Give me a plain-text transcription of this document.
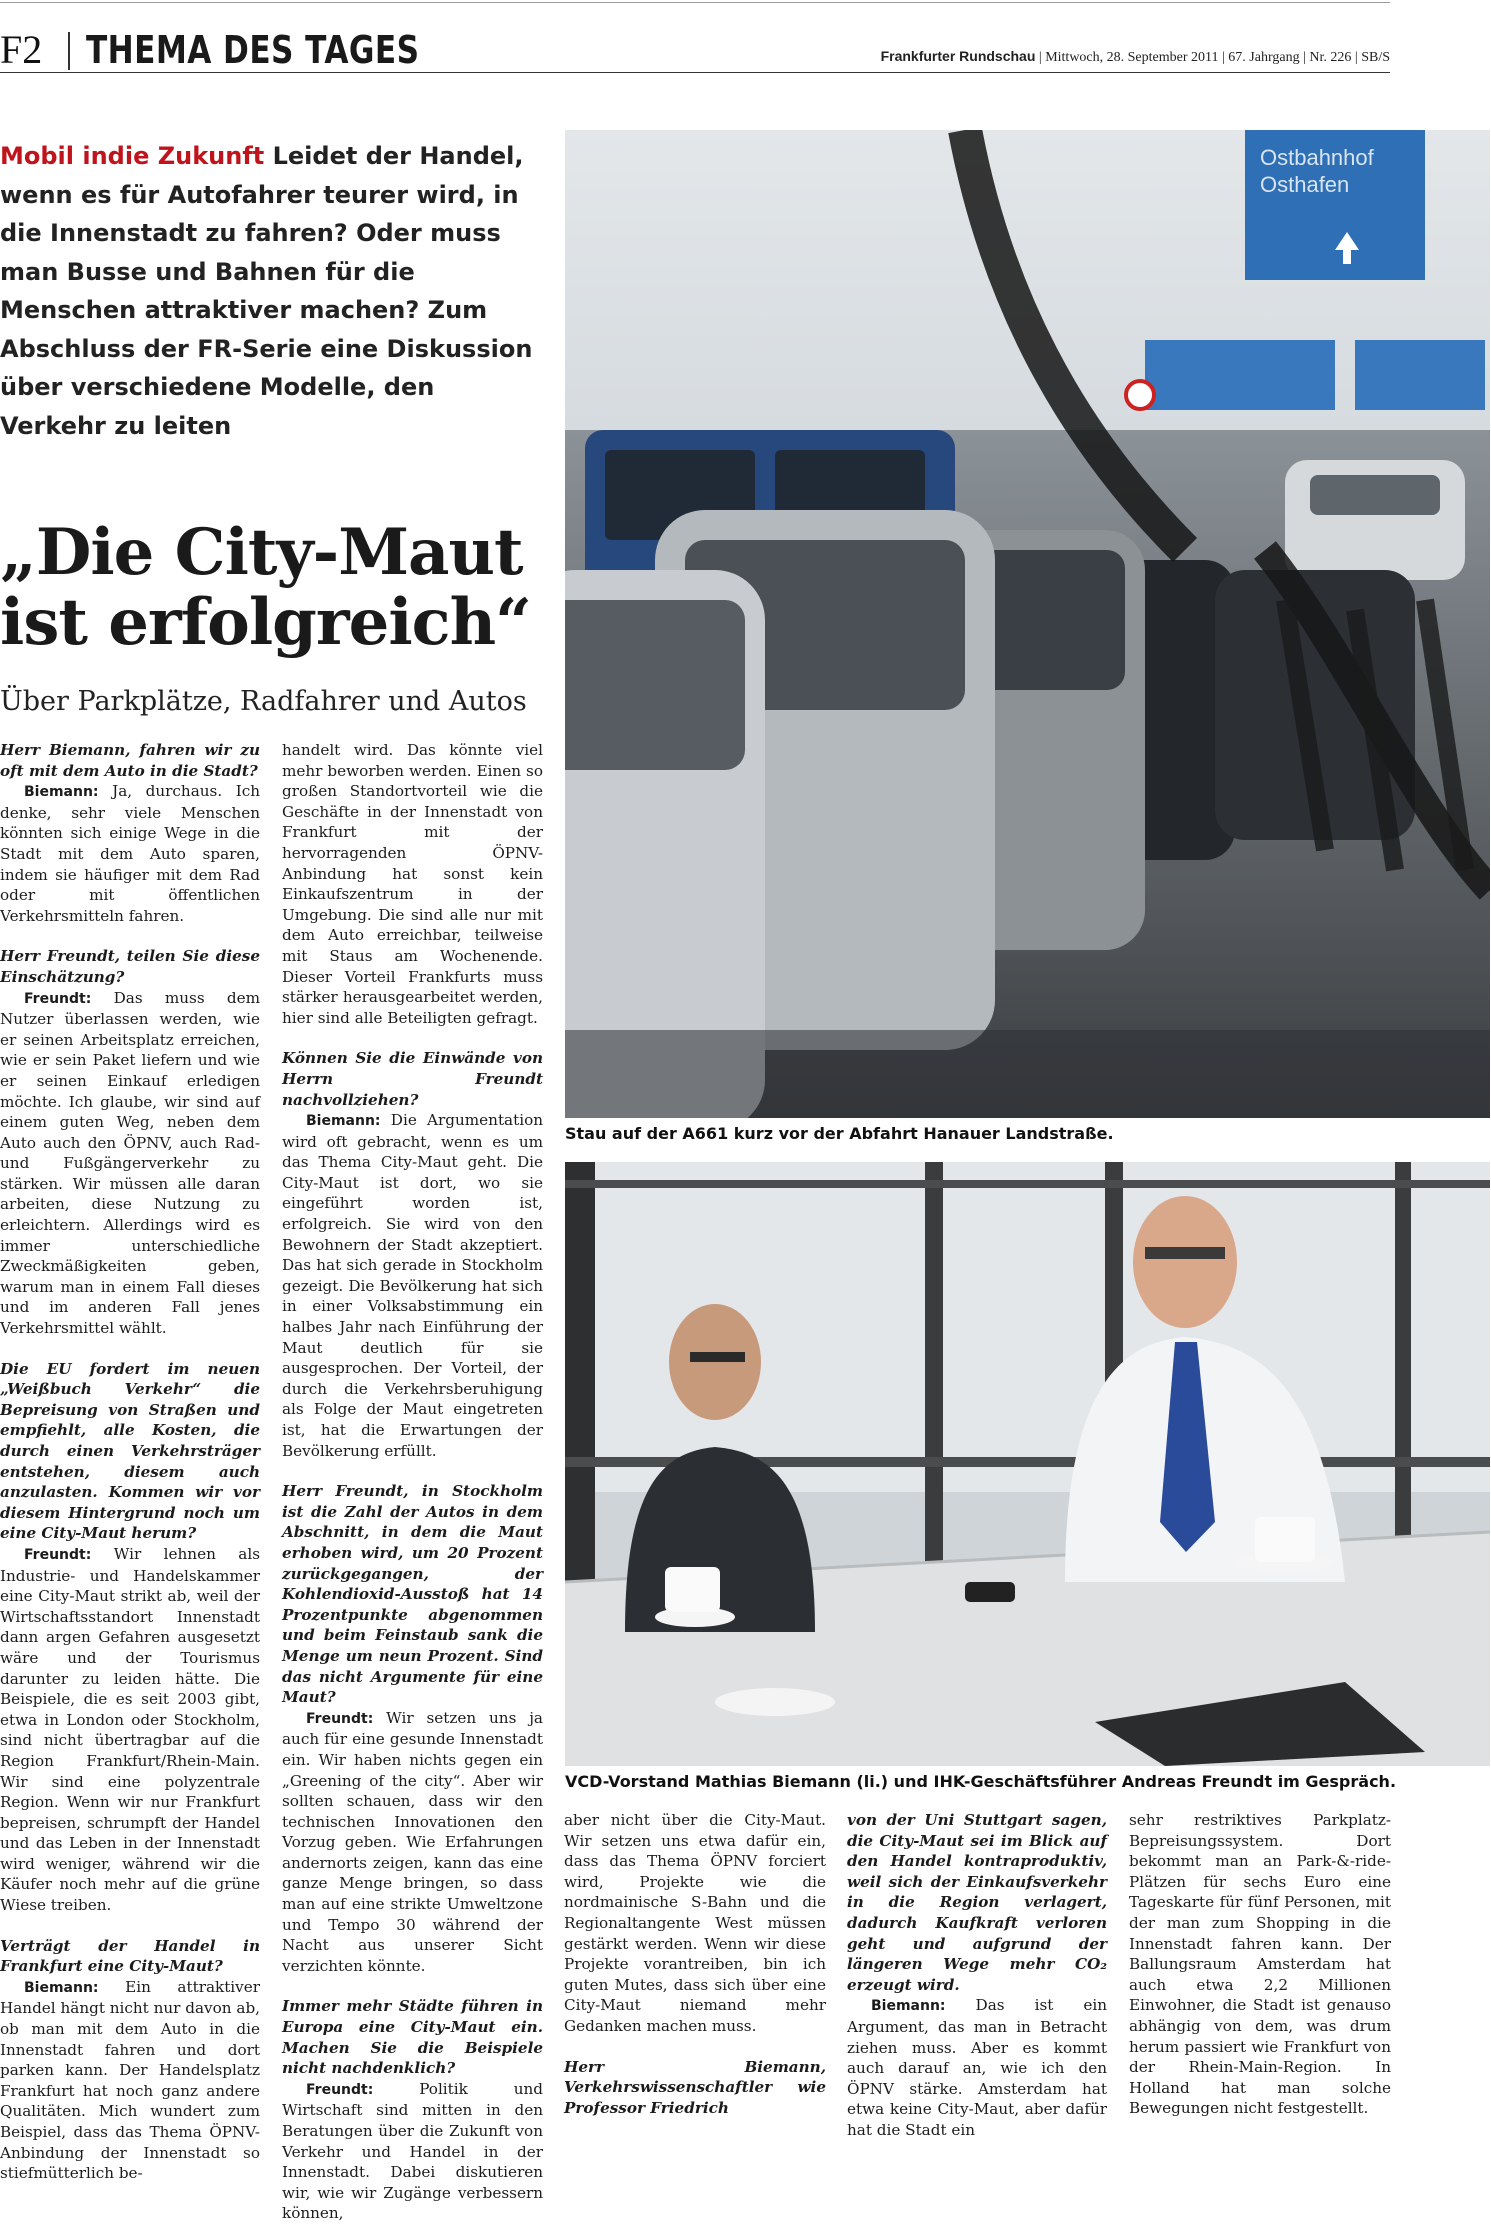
F2 THEMA DES TAGES	Frankfurter Rundschau | Mittwoch, 28. September 2011 | 67. Jahrgang | Nr. 226 | SB/S
Mobil indie Zukunft Leidet der Handel, wenn es für Autofahrer teurer wird, in die Innenstadt zu fahren? Oder muss man Busse und Bahnen für die Menschen attraktiver machen? Zum Abschluss der FR-Serie eine Diskussion über verschiedene Modelle, den Verkehr zu leiten
„Die City-Maut
ist erfolgreich“
Über Parkplätze, Radfahrer und Autos
Ostbahnhof
Osthafen
Stau auf der A661 kurz vor der Abfahrt Hanauer Landstraße.
VCD-Vorstand Mathias Biemann (li.) und IHK-Geschäftsführer Andreas Freundt im Gespräch.

Herr Biemann, fahren wir zu oft mit dem Auto in die Stadt?

Biemann: Ja, durchaus. Ich denke, sehr viele Menschen könnten sich einige Wege in die Stadt mit dem Auto sparen, indem sie häufiger mit dem Rad oder mit öffentlichen Verkehrsmitteln fahren.

Herr Freundt, teilen Sie diese Einschätzung?

Freundt: Das muss dem Nutzer überlassen werden, wie er seinen Arbeitsplatz erreichen, wie er sein Paket liefern und wie er seinen Einkauf erledigen möchte. Ich glaube, wir sind auf einem guten Weg, neben dem Auto auch den ÖPNV, auch Rad- und Fußgängerverkehr zu stärken. Wir müssen alle daran arbeiten, diese Nutzung zu erleichtern. Allerdings wird es immer unterschiedliche Zweckmäßigkeiten geben, warum man in einem Fall dieses und im anderen Fall jenes Verkehrsmittel wählt.

Die EU fordert im neuen „Weißbuch Verkehr“ die Bepreisung von Straßen und empfiehlt, alle Kosten, die durch einen Verkehrsträger entstehen, diesem auch anzulasten. Kommen wir vor diesem Hintergrund noch um eine City-Maut herum?

Freundt: Wir lehnen als Industrie- und Handelskammer eine City-Maut strikt ab, weil der Wirtschaftsstandort Innenstadt dann argen Gefahren ausgesetzt wäre und der Tourismus darunter zu leiden hätte. Die Beispiele, die es seit 2003 gibt, etwa in London oder Stockholm, sind nicht übertragbar auf die Region Frankfurt/Rhein-Main. Wir sind eine polyzentrale Region. Wenn wir nur Frankfurt bepreisen, schrumpft der Handel und das Leben in der Innenstadt wird weniger, während wir die Käufer noch mehr auf die grüne Wiese treiben.

Verträgt der Handel in Frankfurt eine City-Maut?

Biemann: Ein attraktiver Handel hängt nicht nur davon ab, ob man mit dem Auto in die Innenstadt fahren und dort parken kann. Der Handelsplatz Frankfurt hat noch ganz andere Qualitäten. Mich wundert zum Beispiel, dass das Thema ÖPNV-Anbindung der Innenstadt so stiefmütterlich be-

handelt wird. Das könnte viel mehr beworben werden. Einen so großen Standortvorteil wie die Geschäfte in der Innenstadt von Frankfurt mit der hervorragenden ÖPNV-Anbindung hat sonst kein Einkaufszentrum in der Umgebung. Die sind alle nur mit dem Auto erreichbar, teilweise mit Staus am Wochenende. Dieser Vorteil Frankfurts muss stärker herausgearbeitet werden, hier sind alle Beteiligten gefragt.

Können Sie die Einwände von Herrn Freundt nachvollziehen?

Biemann: Die Argumentation wird oft gebracht, wenn es um das Thema City-Maut geht. Die City-Maut ist dort, wo sie eingeführt worden ist, erfolgreich. Sie wird von den Bewohnern der Stadt akzeptiert. Das hat sich gerade in Stockholm gezeigt. Die Bevölkerung hat sich in einer Volksabstimmung ein halbes Jahr nach Einführung der Maut deutlich für sie ausgesprochen. Der Vorteil, der durch die Verkehrsberuhigung als Folge der Maut eingetreten ist, hat die Erwartungen der Bevölkerung erfüllt.

Herr Freundt, in Stockholm ist die Zahl der Autos in dem Abschnitt, in dem die Maut erhoben wird, um 20 Prozent zurückgegangen, der Kohlendioxid-Ausstoß hat 14 Prozentpunkte abgenommen und beim Feinstaub sank die Menge um neun Prozent. Sind das nicht Argumente für eine Maut?

Freundt: Wir setzen uns ja auch für eine gesunde Innenstadt ein. Wir haben nichts gegen ein „Greening of the city“. Aber wir sollten schauen, dass wir den technischen Innovationen den Vorzug geben. Wie Erfahrungen andernorts zeigen, kann das eine ganze Menge bringen, so dass man auf eine strikte Umweltzone und Tempo 30 während der Nacht aus unserer Sicht verzichten könnte.

Immer mehr Städte führen in Europa eine City-Maut ein. Machen Sie die Beispiele nicht nachdenklich?

Freundt: Politik und Wirtschaft sind mitten in den Beratungen über die Zukunft von Verkehr und Handel in der Innenstadt. Dabei diskutieren wir, wie wir Zugänge verbessern können,

aber nicht über die City-Maut. Wir setzen uns etwa dafür ein, dass das Thema ÖPNV forciert wird, Projekte wie die nordmainische S-Bahn und die Regionaltangente West müssen gestärkt werden. Wenn wir diese Projekte vorantreiben, bin ich guten Mutes, dass sich über eine City-Maut niemand mehr Gedanken machen muss.

Herr Biemann, Verkehrswissenschaftler wie Professor Friedrich

von der Uni Stuttgart sagen, die City-Maut sei im Blick auf den Handel kontraproduktiv, weil sich der Einkaufsverkehr in die Region verlagert, dadurch Kaufkraft verloren geht und aufgrund der längeren Wege mehr CO₂ erzeugt wird.

Biemann: Das ist ein Argument, das man in Betracht ziehen muss. Aber es kommt auch darauf an, wie ich den ÖPNV stärke. Amsterdam hat etwa keine City-Maut, aber dafür hat die Stadt ein

sehr restriktives Parkplatz-Bepreisungssystem. Dort bekommt man an Park-&-ride-Plätzen für sechs Euro eine Tageskarte für fünf Personen, mit der man zum Shopping in die Innenstadt fahren kann. Der Ballungsraum Amsterdam hat auch etwa 2,2 Millionen Einwohner, die Stadt ist genauso abhängig von dem, was drum herum passiert wie Frankfurt von der Rhein-Main-Region. In Holland hat man solche Bewegungen nicht festgestellt.
